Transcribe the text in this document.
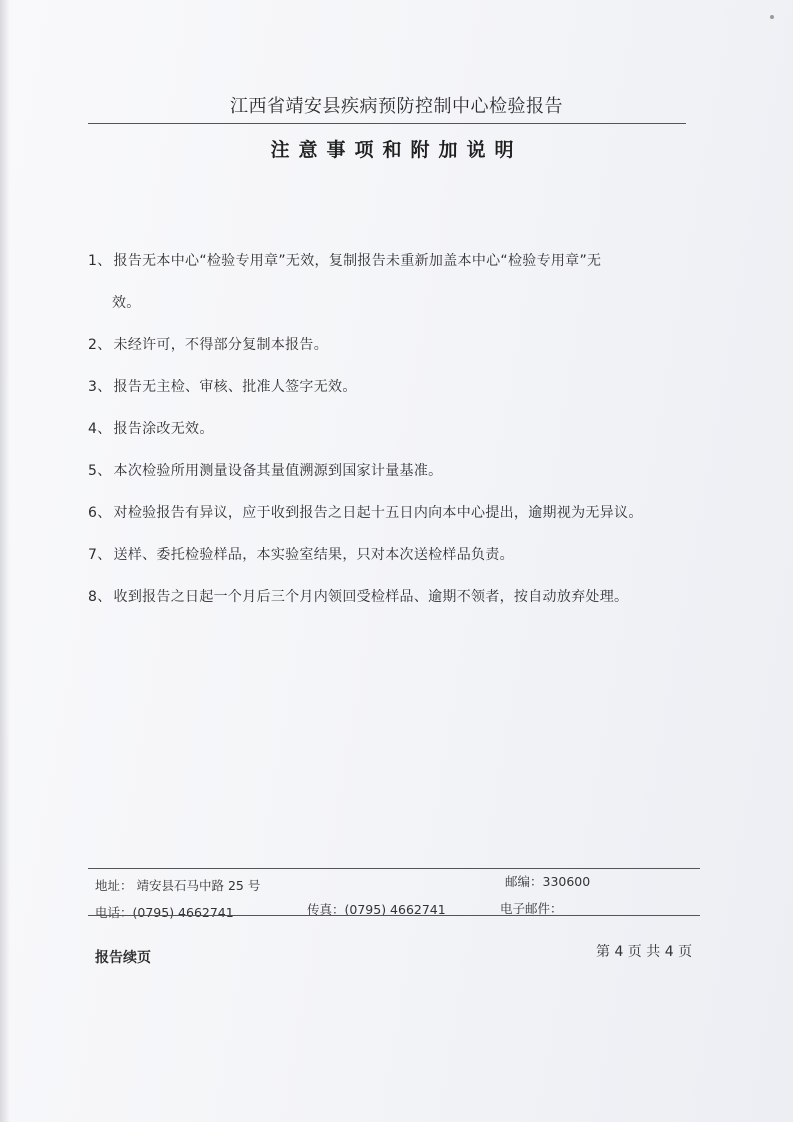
江西省靖安县疾病预防控制中心检验报告
注意事项和附加说明
1、 报告无本中心“检验专用章”无效，复制报告未重新加盖本中心“检验专用章”无
效。
2、 未经许可，不得部分复制本报告。
3、 报告无主检、审核、批准人签字无效。
4、 报告涂改无效。
5、 本次检验所用测量设备其量值溯源到国家计量基准。
6、 对检验报告有异议，应于收到报告之日起十五日内向本中心提出，逾期视为无异议。
7、 送样、委托检验样品，本实验室结果，只对本次送检样品负责。
8、 收到报告之日起一个月后三个月内领回受检样品、逾期不领者，按自动放弃处理。
地址： 靖安县石马中路 25 号	邮编：330600
电话：(0795) 4662741	传真：(0795) 4662741	电子邮件：
报告续页	第 4 页 共 4 页
